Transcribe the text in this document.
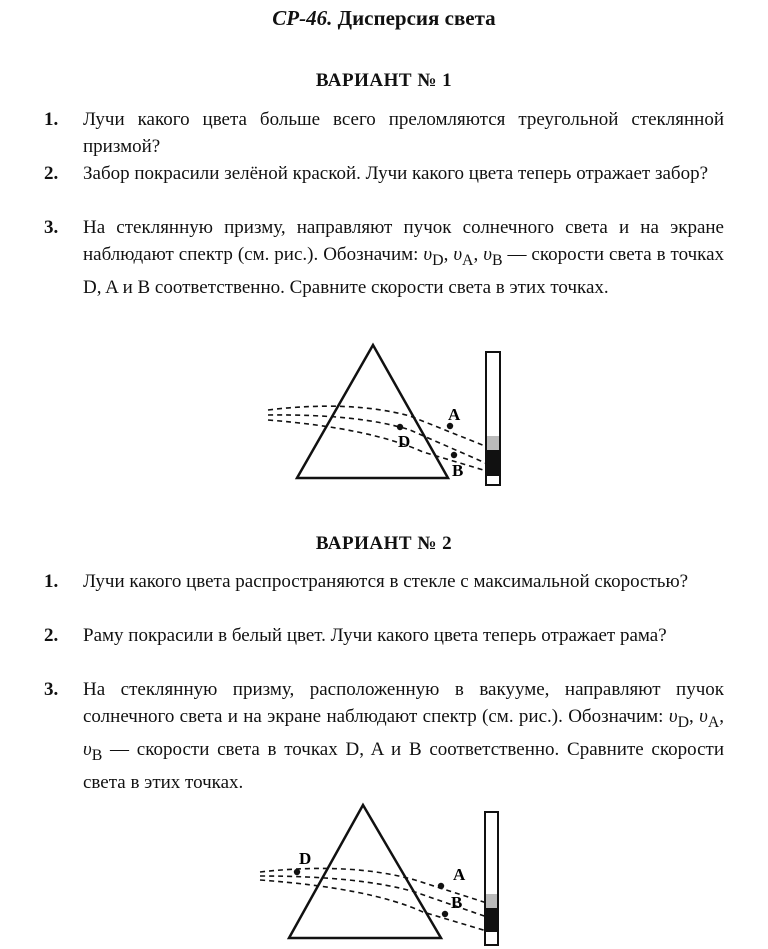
СР-46. Дисперсия света
ВАРИАНТ № 1
1.	Лучи какого цвета больше всего преломляются треугольной стеклянной призмой?
2.	Забор покрасили зелёной краской. Лучи какого цвета теперь отражает забор?
3.	На стеклянную призму, направляют пучок солнечного света и на экране наблюдают спектр (см. рис.). Обозначим: $\upsilon_D$, $\upsilon_A$, $\upsilon_B$ — скорости света в точках D, A и B соответственно. Сравните скорости света в этих точках.
A
D
B
ВАРИАНТ № 2
1.	Лучи какого цвета распространяются в стекле с максимальной скоростью?
2.	Раму покрасили в белый цвет. Лучи какого цвета теперь отражает рама?
3.	На стеклянную призму, расположенную в вакууме, направляют пучок солнечного света и на экране наблюдают спектр (см. рис.). Обозначим: $\upsilon_D$, $\upsilon_A$, $\upsilon_B$ — скорости света в точках D, A и B соответственно. Сравните скорости света в этих точках.
D
A
B
